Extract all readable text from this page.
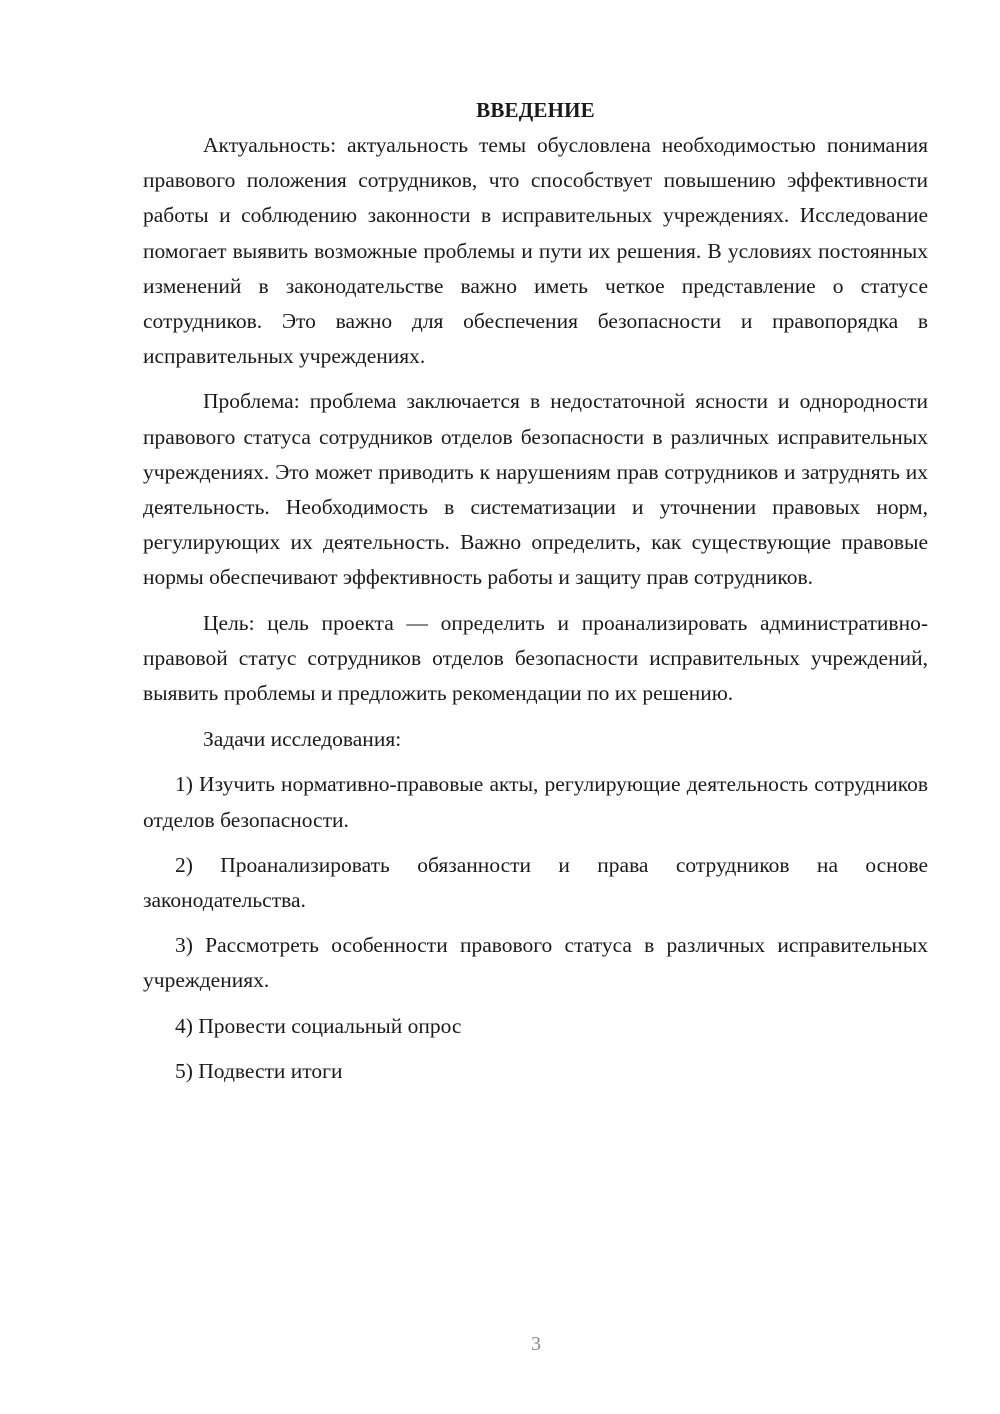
ВВЕДЕНИЕ

Актуальность: актуальность темы обусловлена необходимостью понимания правового положения сотрудников, что способствует повышению эффективности работы и соблюдению законности в исправительных учреждениях. Исследование помогает выявить возможные проблемы и пути их решения. В условиях постоянных изменений в законодательстве важно иметь четкое представление о статусе сотрудников. Это важно для обеспечения безопасности и правопорядка в исправительных учреждениях.

Проблема: проблема заключается в недостаточной ясности и однородности правового статуса сотрудников отделов безопасности в различных исправительных учреждениях. Это может приводить к нарушениям прав сотрудников и затруднять их деятельность. Необходимость в систематизации и уточнении правовых норм, регулирующих их деятельность. Важно определить, как существующие правовые нормы обеспечивают эффективность работы и защиту прав сотрудников.

Цель: цель проекта — определить и проанализировать административно-правовой статус сотрудников отделов безопасности исправительных учреждений, выявить проблемы и предложить рекомендации по их решению.

Задачи исследования:

1) Изучить нормативно-правовые акты, регулирующие деятельность сотрудников отделов безопасности.

2) Проанализировать обязанности и права сотрудников на основе законодательства.

3) Рассмотреть особенности правового статуса в различных исправительных учреждениях.

4) Провести социальный опрос

5) Подвести итоги

3
